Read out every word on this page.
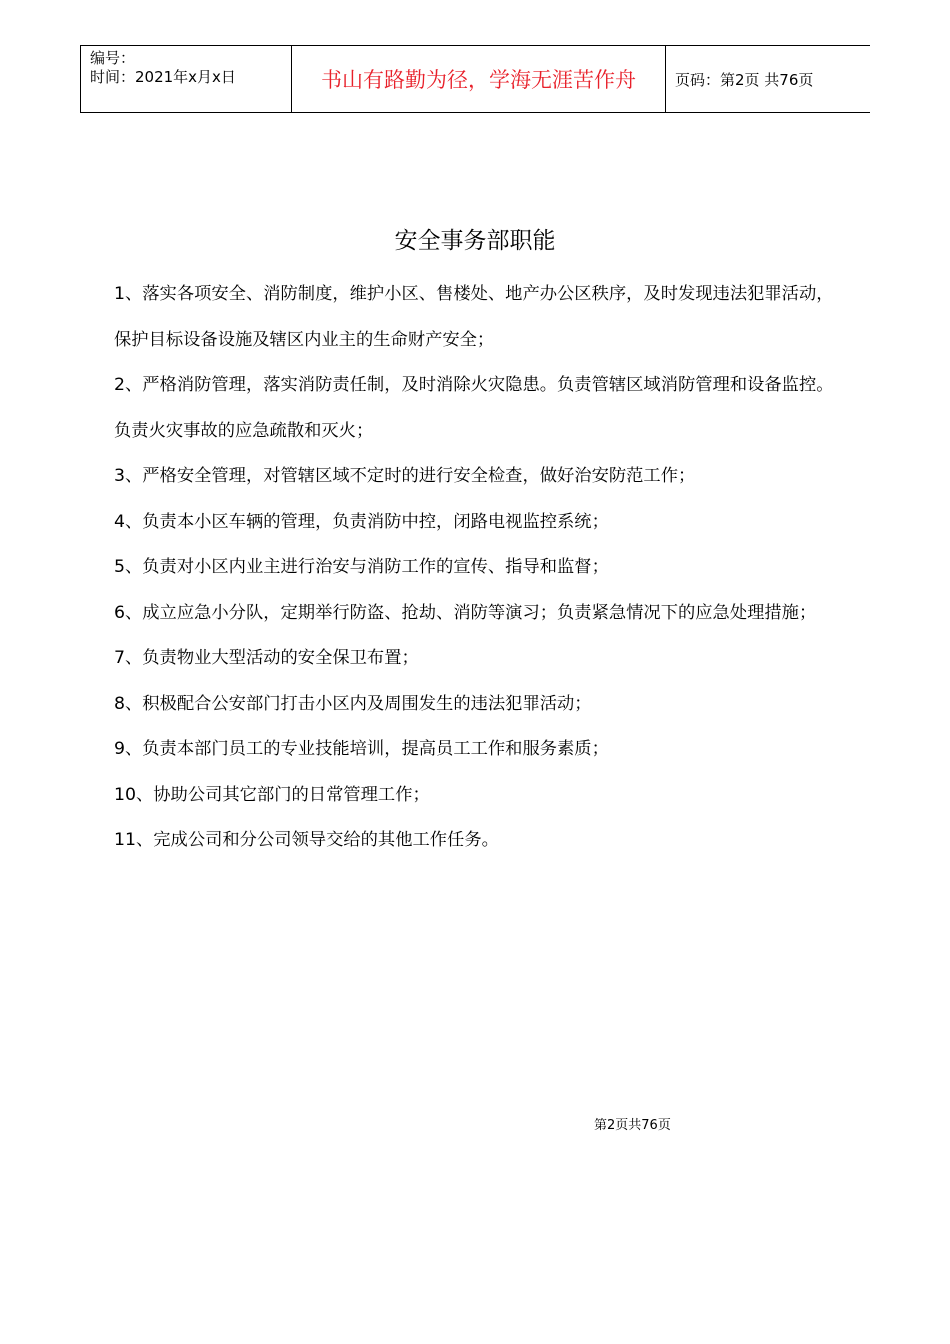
编号：
时间：2021年x月x日	书山有路勤为径，学海无涯苦作舟	页码：第2页 共76页
安全事务部职能
1、落实各项安全、消防制度，维护小区、售楼处、地产办公区秩序，及时发现违法犯罪活动，保护目标设备设施及辖区内业主的生命财产安全；
2、严格消防管理，落实消防责任制，及时消除火灾隐患。负责管辖区域消防管理和设备监控。负责火灾事故的应急疏散和灭火；
3、严格安全管理，对管辖区域不定时的进行安全检查，做好治安防范工作；
4、负责本小区车辆的管理，负责消防中控，闭路电视监控系统；
5、负责对小区内业主进行治安与消防工作的宣传、指导和监督；
6、成立应急小分队，定期举行防盗、抢劫、消防等演习；负责紧急情况下的应急处理措施；
7、负责物业大型活动的安全保卫布置；
8、积极配合公安部门打击小区内及周围发生的违法犯罪活动；
9、负责本部门员工的专业技能培训，提高员工工作和服务素质；
10、协助公司其它部门的日常管理工作；
11、完成公司和分公司领导交给的其他工作任务。
第2页共76页
